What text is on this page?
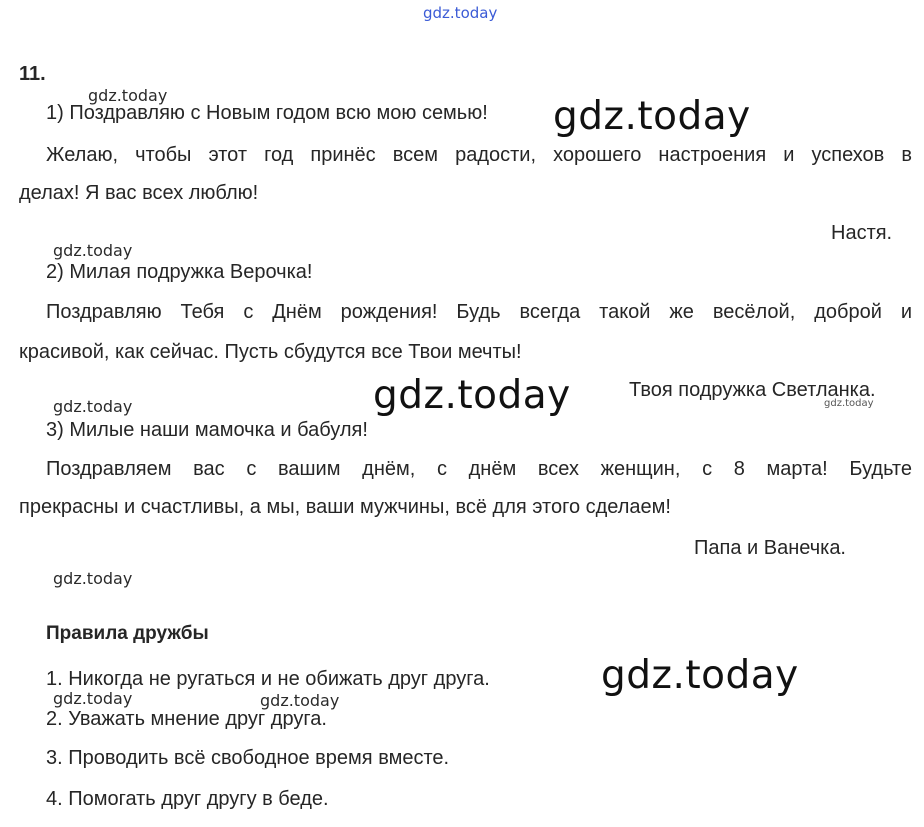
gdz.today
11.
gdz.today
1) Поздравляю с Новым годом всю мою семью! gdz.today
Желаю, чтобы этот год принёс всем радости, хорошего настроения и успехов в
делах! Я вас всех люблю!
Настя.
gdz.today
2) Милая подружка Верочка!
Поздравляю Тебя с Днём рождения! Будь всегда такой же весёлой, доброй и
красивой, как сейчас. Пусть сбудутся все Твои мечты!
gdz.today	Твоя подружка Светланка.
gdz.today
gdz.today
3) Милые наши мамочка и бабуля!
Поздравляем вас с вашим днём, с днём всех женщин, с 8 марта! Будьте
прекрасны и счастливы, а мы, ваши мужчины, всё для этого сделаем!
Папа и Ванечка.
gdz.today
Правила дружбы
1. Никогда не ругаться и не обижать друг друга.	gdz.today
gdz.today	gdz.today
2. Уважать мнение друг друга.
3. Проводить всё свободное время вместе.
4. Помогать друг другу в беде.
